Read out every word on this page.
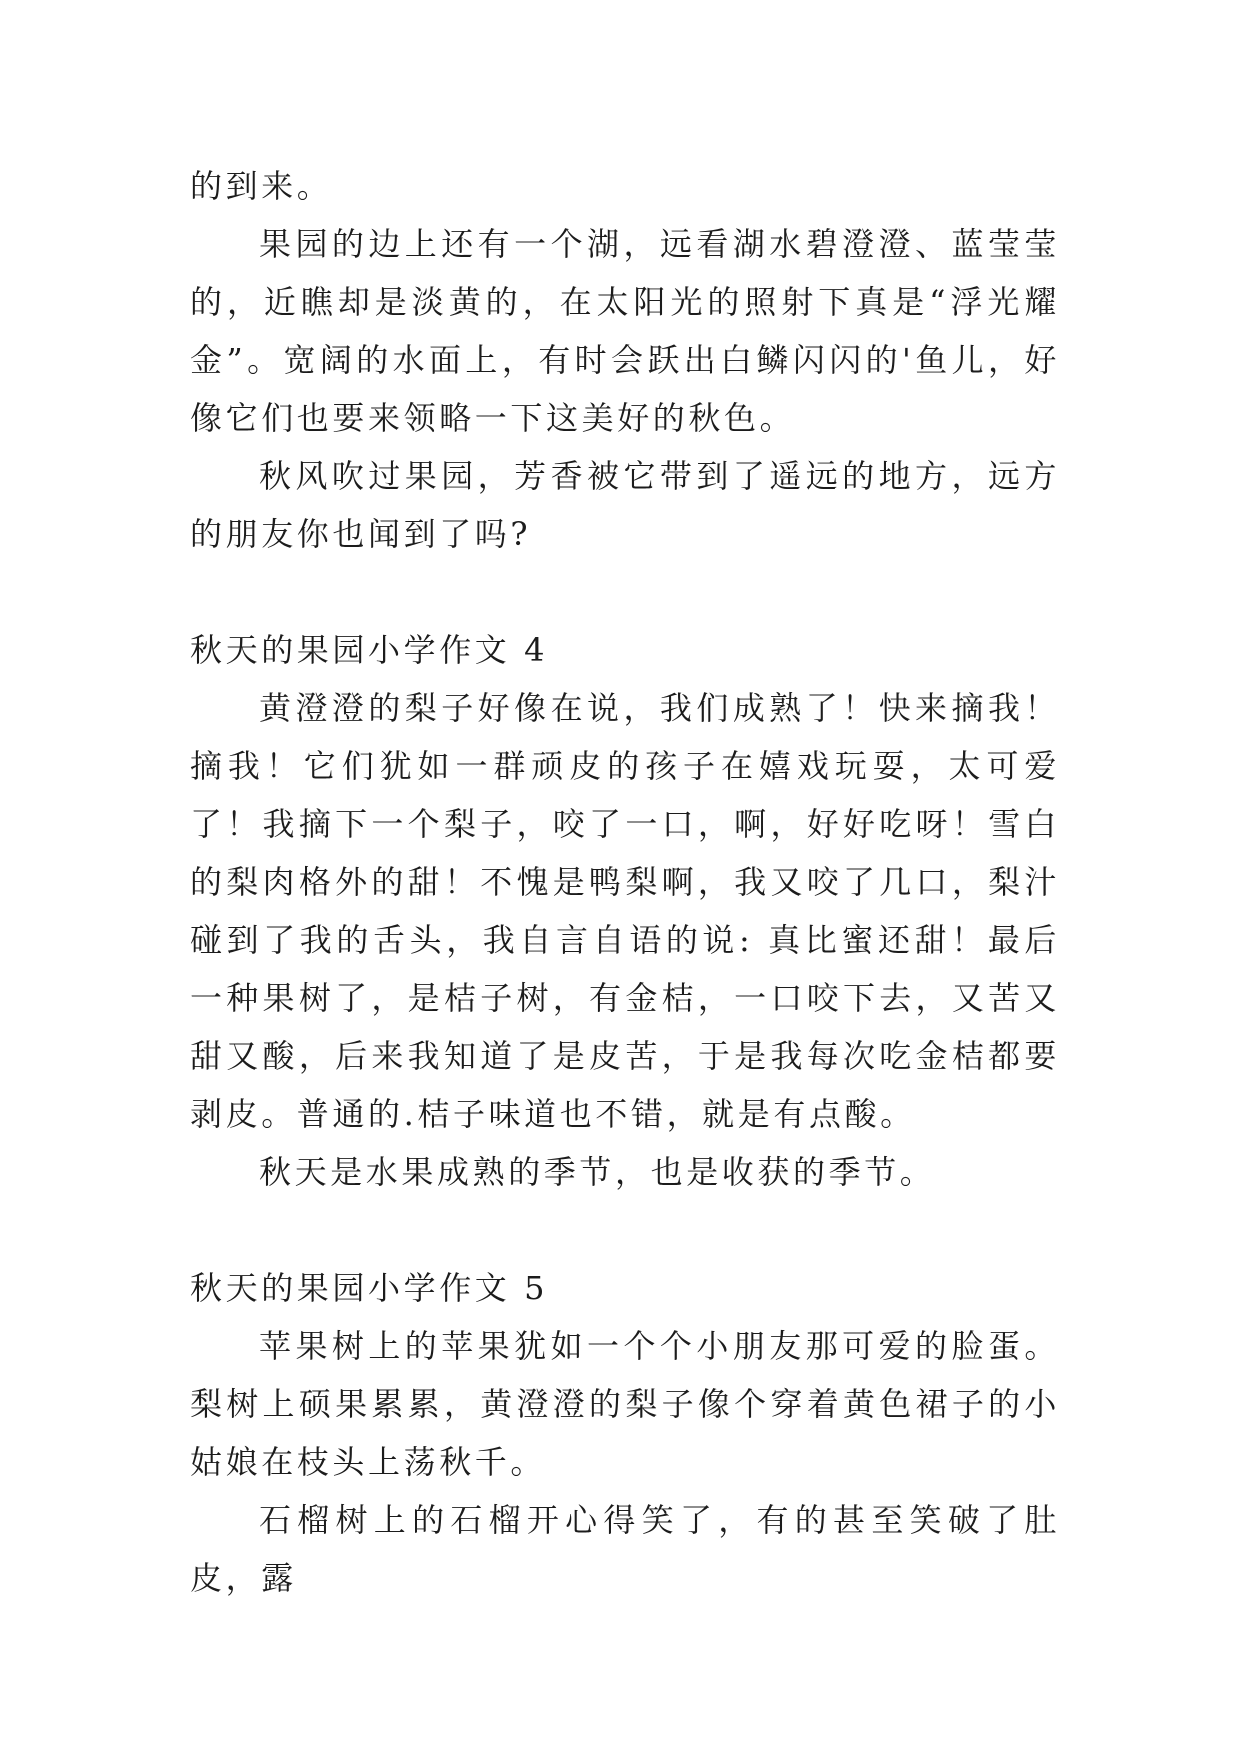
的到来。

果园的边上还有一个湖，远看湖水碧澄澄、蓝莹莹的，近瞧却是淡黄的，在太阳光的照射下真是“浮光耀金”。宽阔的水面上，有时会跃出白鳞闪闪的'鱼儿，好像它们也要来领略一下这美好的秋色。

秋风吹过果园，芳香被它带到了遥远的地方，远方的朋友你也闻到了吗?

秋天的果园小学作文 4

黄澄澄的梨子好像在说，我们成熟了！快来摘我！摘我！它们犹如一群顽皮的孩子在嬉戏玩耍，太可爱了！我摘下一个梨子，咬了一口，啊，好好吃呀！雪白的梨肉格外的甜！不愧是鸭梨啊，我又咬了几口，梨汁碰到了我的舌头，我自言自语的说: 真比蜜还甜！最后一种果树了，是桔子树，有金桔，一口咬下去，又苦又甜又酸，后来我知道了是皮苦，于是我每次吃金桔都要剥皮。普通的.桔子味道也不错，就是有点酸。

秋天是水果成熟的季节，也是收获的季节。

秋天的果园小学作文 5

苹果树上的苹果犹如一个个小朋友那可爱的脸蛋。梨树上硕果累累，黄澄澄的梨子像个穿着黄色裙子的小姑娘在枝头上荡秋千。

石榴树上的石榴开心得笑了，有的甚至笑破了肚皮，露
